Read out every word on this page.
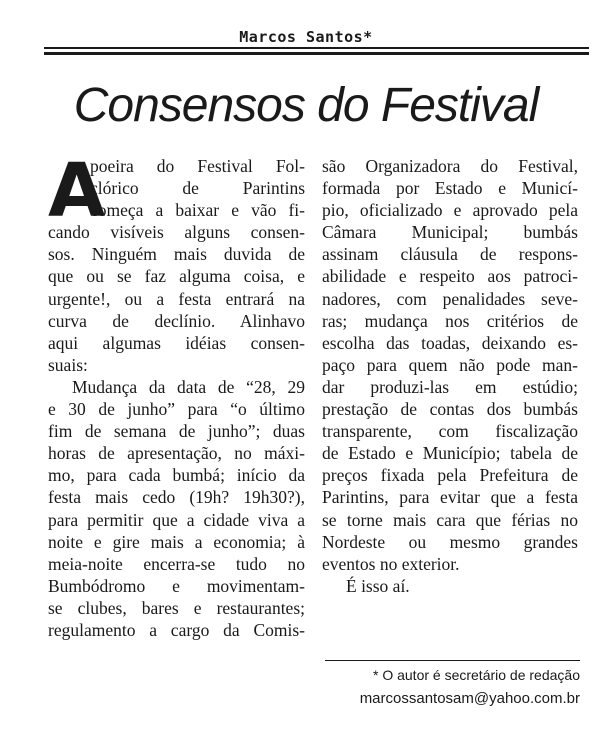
Marcos Santos*
Consensos do Festival
A
poeira do Festival Fol-
clórico de Parintins
começa a baixar e vão fi-
cando visíveis alguns consen-
sos. Ninguém mais duvida de
que ou se faz alguma coisa, e
urgente!, ou a festa entrará na
curva de declínio. Alinhavo
aqui algumas idéias consen-
suais:
Mudança da data de “28, 29
e 30 de junho” para “o último
fim de semana de junho”; duas
horas de apresentação, no máxi-
mo, para cada bumbá; início da
festa mais cedo (19h? 19h30?),
para permitir que a cidade viva a
noite e gire mais a economia; à
meia-noite encerra-se tudo no
Bumbódromo e movimentam-
se clubes, bares e restaurantes;
regulamento a cargo da Comis-
são Organizadora do Festival,
formada por Estado e Municí-
pio, oficializado e aprovado pela
Câmara Municipal; bumbás
assinam cláusula de respons-
abilidade e respeito aos patroci-
nadores, com penalidades seve-
ras; mudança nos critérios de
escolha das toadas, deixando es-
paço para quem não pode man-
dar produzi-las em estúdio;
prestação de contas dos bumbás
transparente, com fiscalização
de Estado e Município; tabela de
preços fixada pela Prefeitura de
Parintins, para evitar que a festa
se torne mais cara que férias no
Nordeste ou mesmo grandes
eventos no exterior.
É isso aí.
* O autor é secretário de redação
marcossantosam@yahoo.com.br
